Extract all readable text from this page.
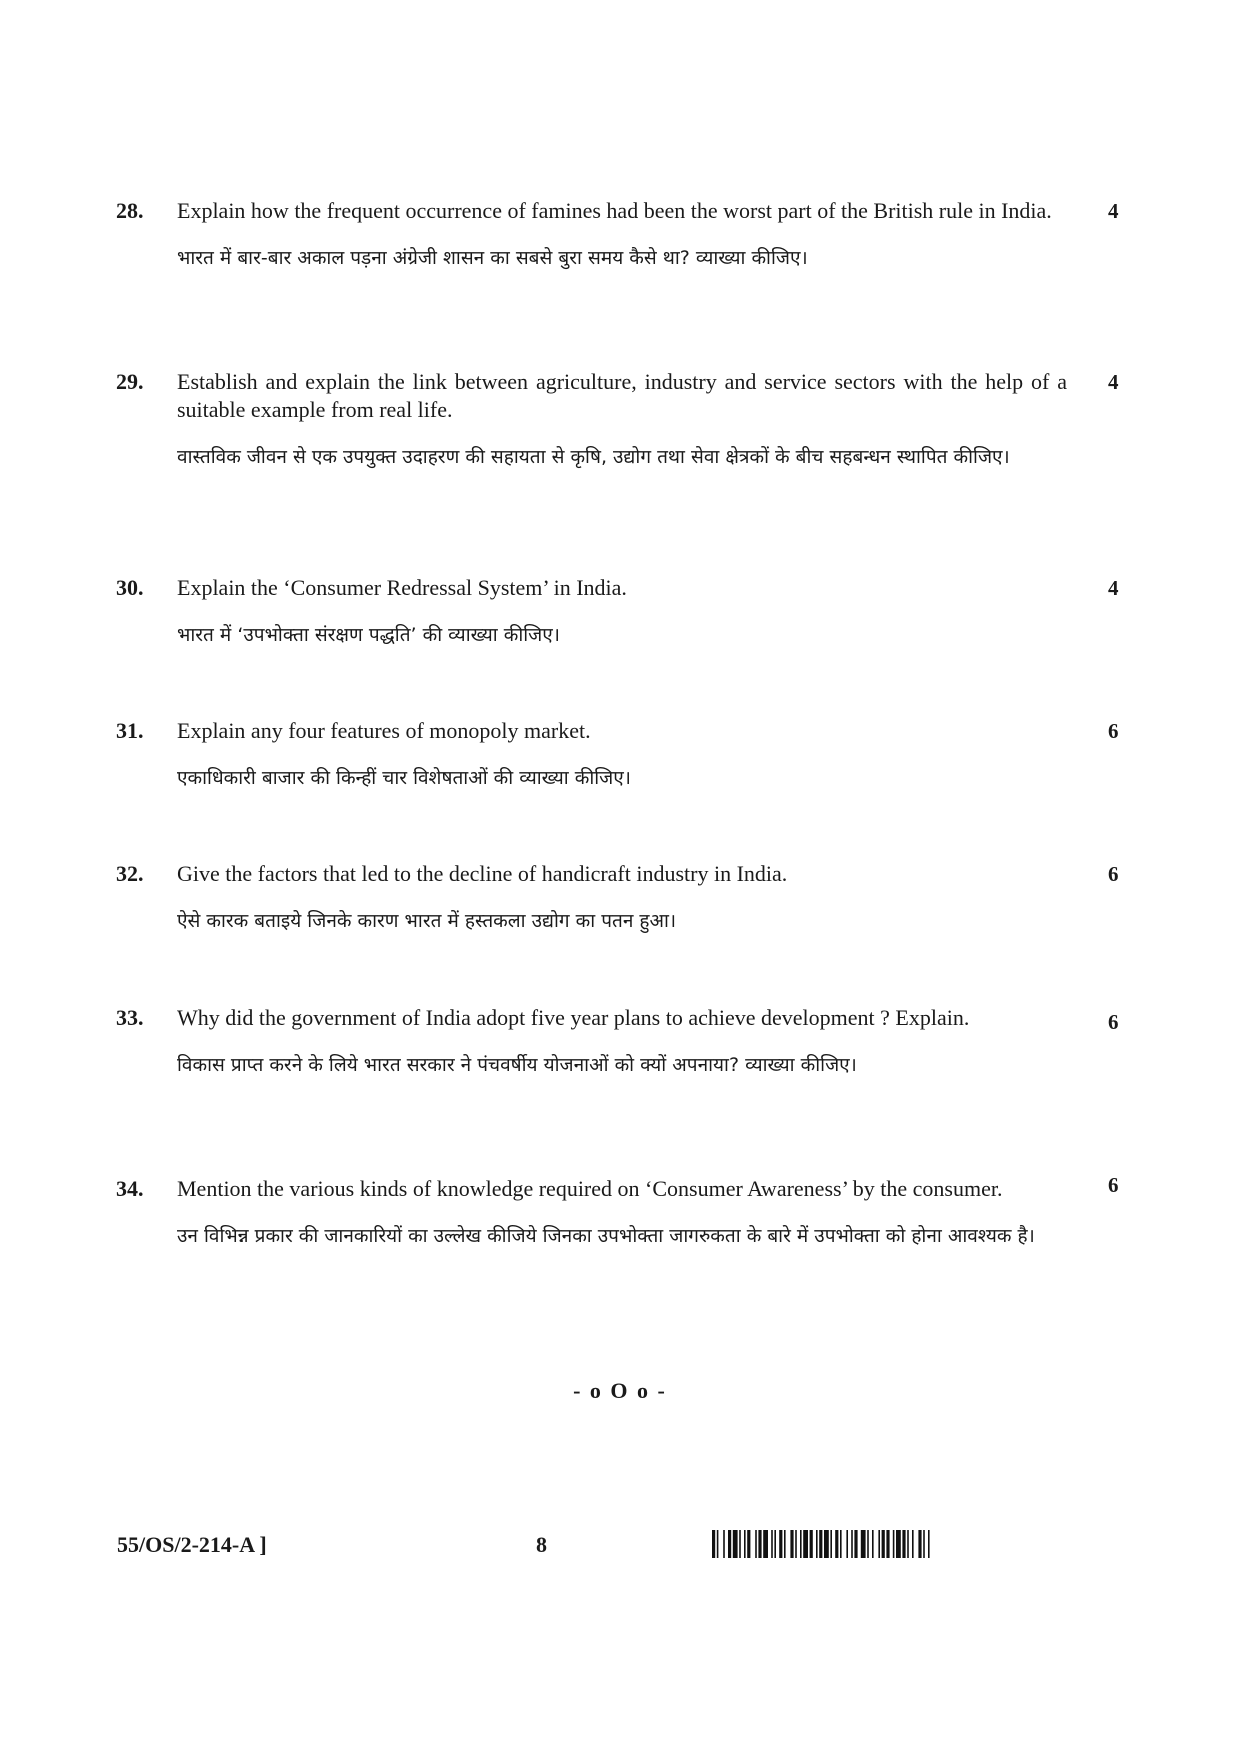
28. Explain how the frequent occurrence of famines had been the worst part of the British rule in India.

भारत में बार-बार अकाल पड़ना अंग्रेजी शासन का सबसे बुरा समय कैसे था? व्याख्या कीजिए।

4
29. Establish and explain the link between agriculture, industry and service sectors with the help of a suitable example from real life.

वास्तविक जीवन से एक उपयुक्त उदाहरण की सहायता से कृषि, उद्योग तथा सेवा क्षेत्रकों के बीच सहबन्धन स्थापित कीजिए।

4
30. Explain the ‘Consumer Redressal System’ in India.

भारत में ‘उपभोक्ता संरक्षण पद्धति’ की व्याख्या कीजिए।

4
31. Explain any four features of monopoly market.

एकाधिकारी बाजार की किन्हीं चार विशेषताओं की व्याख्या कीजिए।

6
32. Give the factors that led to the decline of handicraft industry in India.

ऐसे कारक बताइये जिनके कारण भारत में हस्तकला उद्योग का पतन हुआ।

6
33. Why did the government of India adopt five year plans to achieve development ? Explain.

विकास प्राप्त करने के लिये भारत सरकार ने पंचवर्षीय योजनाओं को क्यों अपनाया? व्याख्या कीजिए।

6
34. Mention the various kinds of knowledge required on ‘Consumer Awareness’ by the consumer.

उन विभिन्न प्रकार की जानकारियों का उल्लेख कीजिये जिनका उपभोक्ता जागरुकता के बारे में उपभोक्ता को होना आवश्यक है।

6
- o O o -
55/OS/2-214-A ]	8
